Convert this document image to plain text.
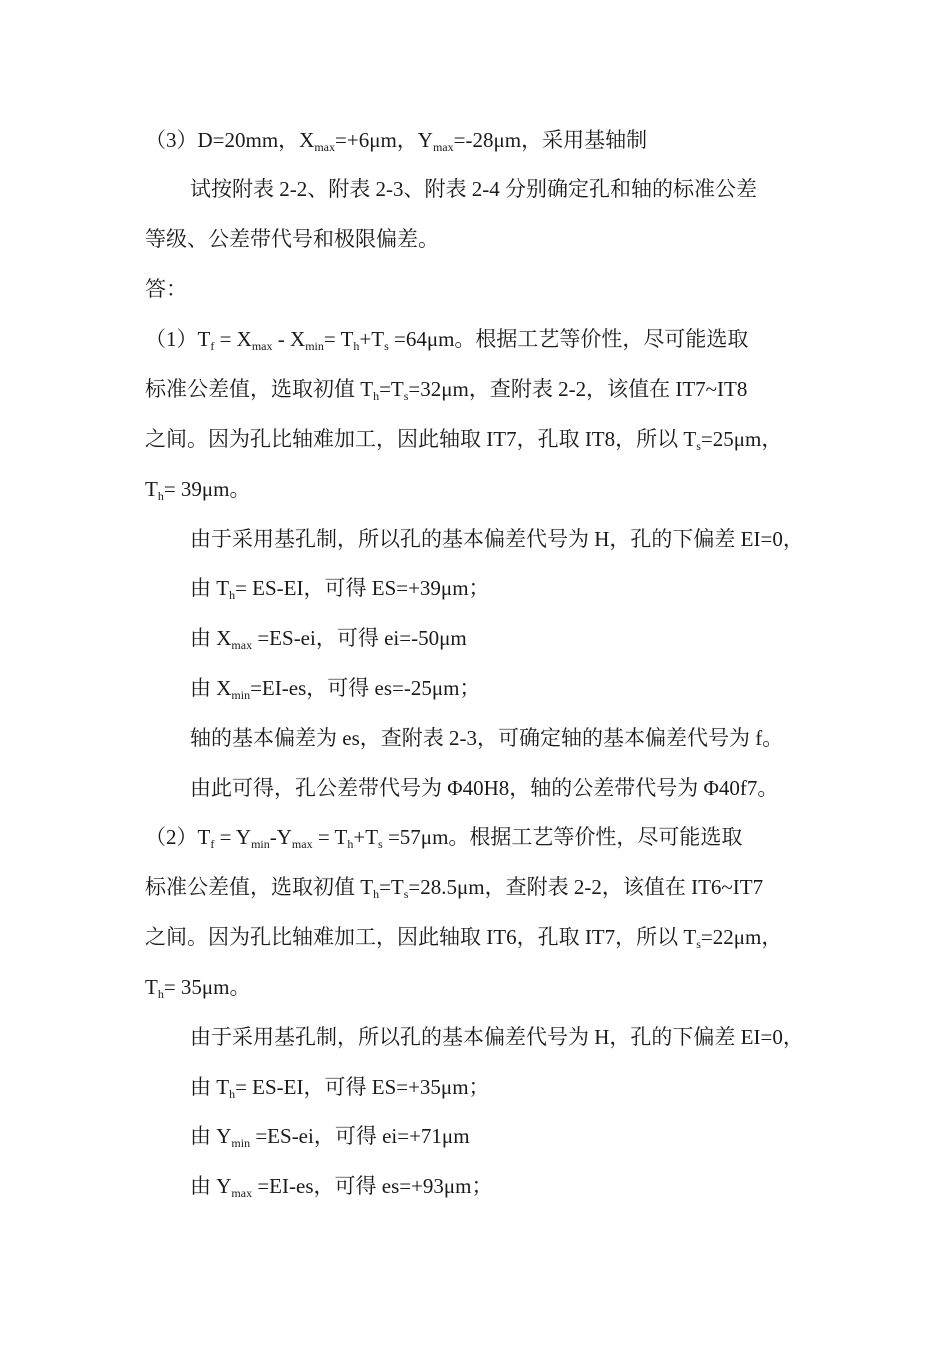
（3）D=20mm，$X_{max}=+6\mu m$，$Y_{max}=-28\mu m$，采用基轴制
试按附表 2-2、附表 2-3、附表 2-4 分别确定孔和轴的标准公差
等级、公差带代号和极限偏差。
答：
$(1)T_f = X_{max} - X_{min}= T_h+T_s =64\mu m$。根据工艺等价性，尽可能选取
标准公差值，选取初值 $T_h=T_s=32\mu m$，查附表 2-2，该值在 IT7~IT8
之间。因为孔比轴难加工，因此轴取 IT7，孔取 IT8，所以 $T_s=25\mu m$，
$T_h= 39\mu m$。
由于采用基孔制，所以孔的基本偏差代号为 H，孔的下偏差 EI=0，
由 $T_h= ES-EI$，可得 ES=+39μm；
由 $X_{max} =ES-ei$，可得 ei=-50μm
由 $X_{min}=EI-es$，可得 es=-25μm；
轴的基本偏差为 es，查附表 2-3，可确定轴的基本偏差代号为 f。
由此可得，孔公差带代号为 Φ40H8，轴的公差带代号为 Φ40f7。
$(2)T_f = Y_{min}-Y_{max} = T_h+T_s =57\mu m$。根据工艺等价性，尽可能选取
标准公差值，选取初值 $T_h=T_s=28.5\mu m$，查附表 2-2，该值在 IT6~IT7
之间。因为孔比轴难加工，因此轴取 IT6，孔取 IT7，所以 $T_s=22\mu m$，
$T_h= 35\mu m$。
由于采用基孔制，所以孔的基本偏差代号为 H，孔的下偏差 EI=0，
由 $T_h= ES-EI$，可得 ES=+35μm；
由 $Y_{min} =ES-ei$，可得 ei=+71μm
由 $Y_{max} =EI-es$，可得 es=+93μm；
